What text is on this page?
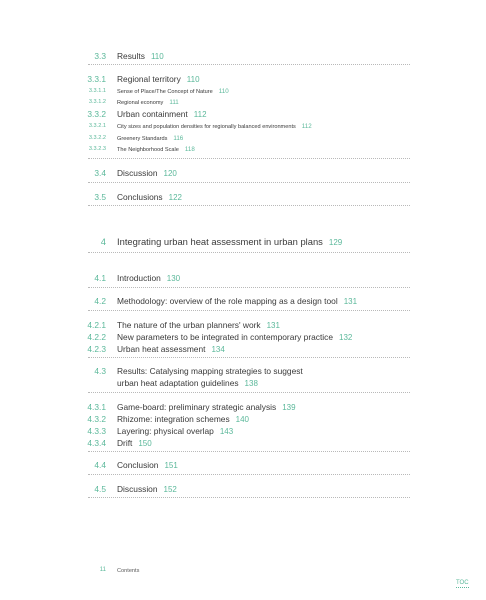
3.3 Results 110
3.3.1 Regional territory 110
3.3.1.1 Sense of Place/The Concept of Nature 110
3.3.1.2 Regional economy 111
3.3.2 Urban containment 112
3.3.2.1 City sizes and population densities for regionally balanced environments 112
3.3.2.2 Greenery Standards 116
3.3.2.3 The Neighborhood Scale 118
3.4 Discussion 120
3.5 Conclusions 122
4 Integrating urban heat assessment in urban plans 129
4.1 Introduction 130
4.2 Methodology: overview of the role mapping as a design tool 131
4.2.1 The nature of the urban planners' work 131
4.2.2 New parameters to be integrated in contemporary practice 132
4.2.3 Urban heat assessment 134
4.3 Results: Catalysing mapping strategies to suggest
urban heat adaptation guidelines 138
4.3.1 Game-board: preliminary strategic analysis 139
4.3.2 Rhizome: integration schemes 140
4.3.3 Layering: physical overlap 143
4.3.4 Drift 150
4.4 Conclusion 151
4.5 Discussion 152
11 Contents
TOC
